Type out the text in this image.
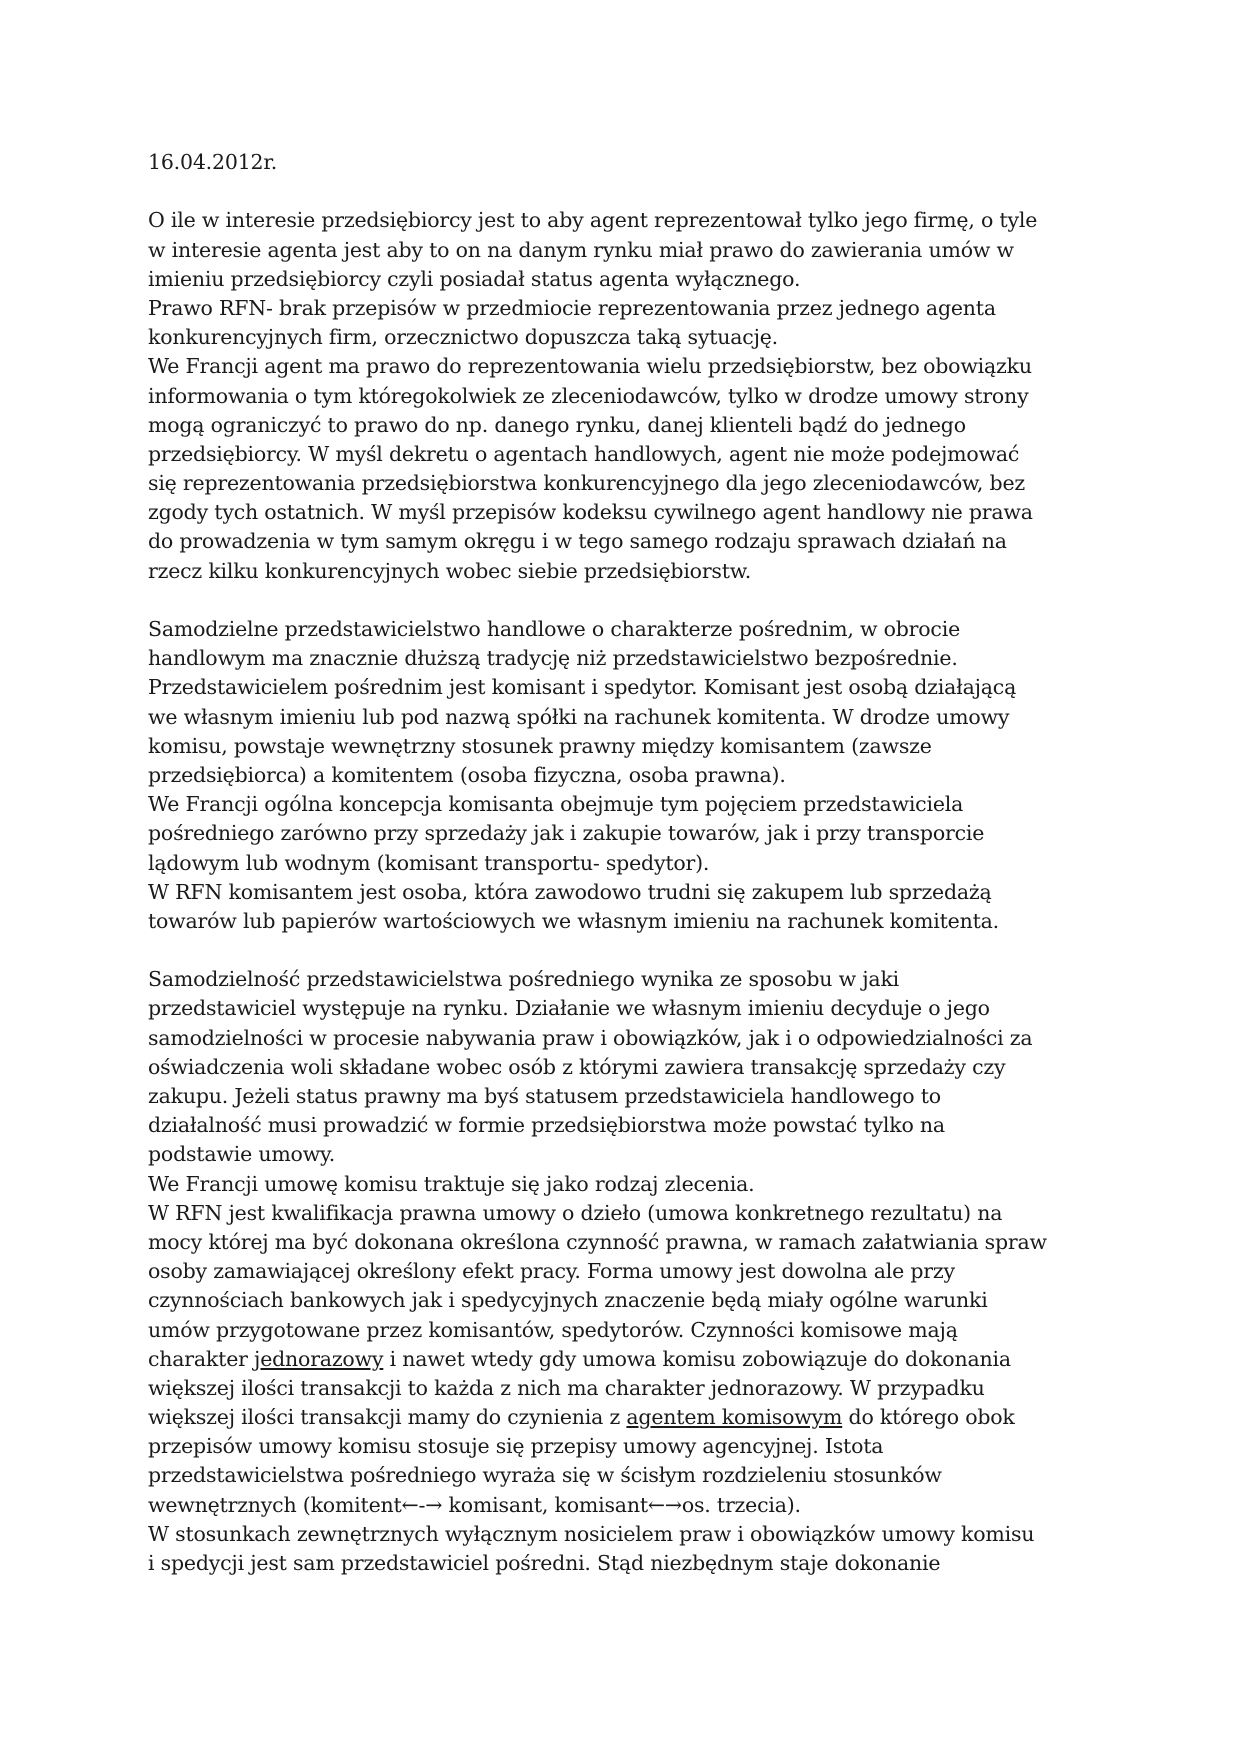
16.04.2012r.
O ile w interesie przedsiębiorcy jest to aby agent reprezentował tylko jego firmę, o tyle
w interesie agenta jest aby to on na danym rynku miał prawo do zawierania umów w
imieniu przedsiębiorcy czyli posiadał status agenta wyłącznego.
Prawo RFN- brak przepisów w przedmiocie reprezentowania przez jednego agenta
konkurencyjnych firm, orzecznictwo dopuszcza taką sytuację.
We Francji agent ma prawo do reprezentowania wielu przedsiębiorstw, bez obowiązku
informowania o tym któregokolwiek ze zleceniodawców, tylko w drodze umowy strony
mogą ograniczyć to prawo do np. danego rynku, danej klienteli bądź do jednego
przedsiębiorcy. W myśl dekretu o agentach handlowych, agent nie może podejmować
się reprezentowania przedsiębiorstwa konkurencyjnego dla jego zleceniodawców, bez
zgody tych ostatnich. W myśl przepisów kodeksu cywilnego agent handlowy nie prawa
do prowadzenia w tym samym okręgu i w tego samego rodzaju sprawach działań na
rzecz kilku konkurencyjnych wobec siebie przedsiębiorstw.
Samodzielne przedstawicielstwo handlowe o charakterze pośrednim, w obrocie
handlowym ma znacznie dłuższą tradycję niż przedstawicielstwo bezpośrednie.
Przedstawicielem pośrednim jest komisant i spedytor. Komisant jest osobą działającą
we własnym imieniu lub pod nazwą spółki na rachunek komitenta. W drodze umowy
komisu, powstaje wewnętrzny stosunek prawny między komisantem (zawsze
przedsiębiorca) a komitentem (osoba fizyczna, osoba prawna).
We Francji ogólna koncepcja komisanta obejmuje tym pojęciem przedstawiciela
pośredniego zarówno przy sprzedaży jak i zakupie towarów, jak i przy transporcie
lądowym lub wodnym (komisant transportu- spedytor).
W RFN komisantem jest osoba, która zawodowo trudni się zakupem lub sprzedażą
towarów lub papierów wartościowych we własnym imieniu na rachunek komitenta.
Samodzielność przedstawicielstwa pośredniego wynika ze sposobu w jaki
przedstawiciel występuje na rynku. Działanie we własnym imieniu decyduje o jego
samodzielności w procesie nabywania praw i obowiązków, jak i o odpowiedzialności za
oświadczenia woli składane wobec osób z którymi zawiera transakcję sprzedaży czy
zakupu. Jeżeli status prawny ma byś statusem przedstawiciela handlowego to
działalność musi prowadzić w formie przedsiębiorstwa może powstać tylko na
podstawie umowy.
We Francji umowę komisu traktuje się jako rodzaj zlecenia.
W RFN jest kwalifikacja prawna umowy o dzieło (umowa konkretnego rezultatu) na
mocy której ma być dokonana określona czynność prawna, w ramach załatwiania spraw
osoby zamawiającej określony efekt pracy. Forma umowy jest dowolna ale przy
czynnościach bankowych jak i spedycyjnych znaczenie będą miały ogólne warunki
umów przygotowane przez komisantów, spedytorów. Czynności komisowe mają
charakter jednorazowy i nawet wtedy gdy umowa komisu zobowiązuje do dokonania
większej ilości transakcji to każda z nich ma charakter jednorazowy. W przypadku
większej ilości transakcji mamy do czynienia z agentem komisowym do którego obok
przepisów umowy komisu stosuje się przepisy umowy agencyjnej. Istota
przedstawicielstwa pośredniego wyraża się w ścisłym rozdzieleniu stosunków
wewnętrznych (komitent←-→ komisant, komisant←→os. trzecia).
W stosunkach zewnętrznych wyłącznym nosicielem praw i obowiązków umowy komisu
i spedycji jest sam przedstawiciel pośredni. Stąd niezbędnym staje dokonanie
